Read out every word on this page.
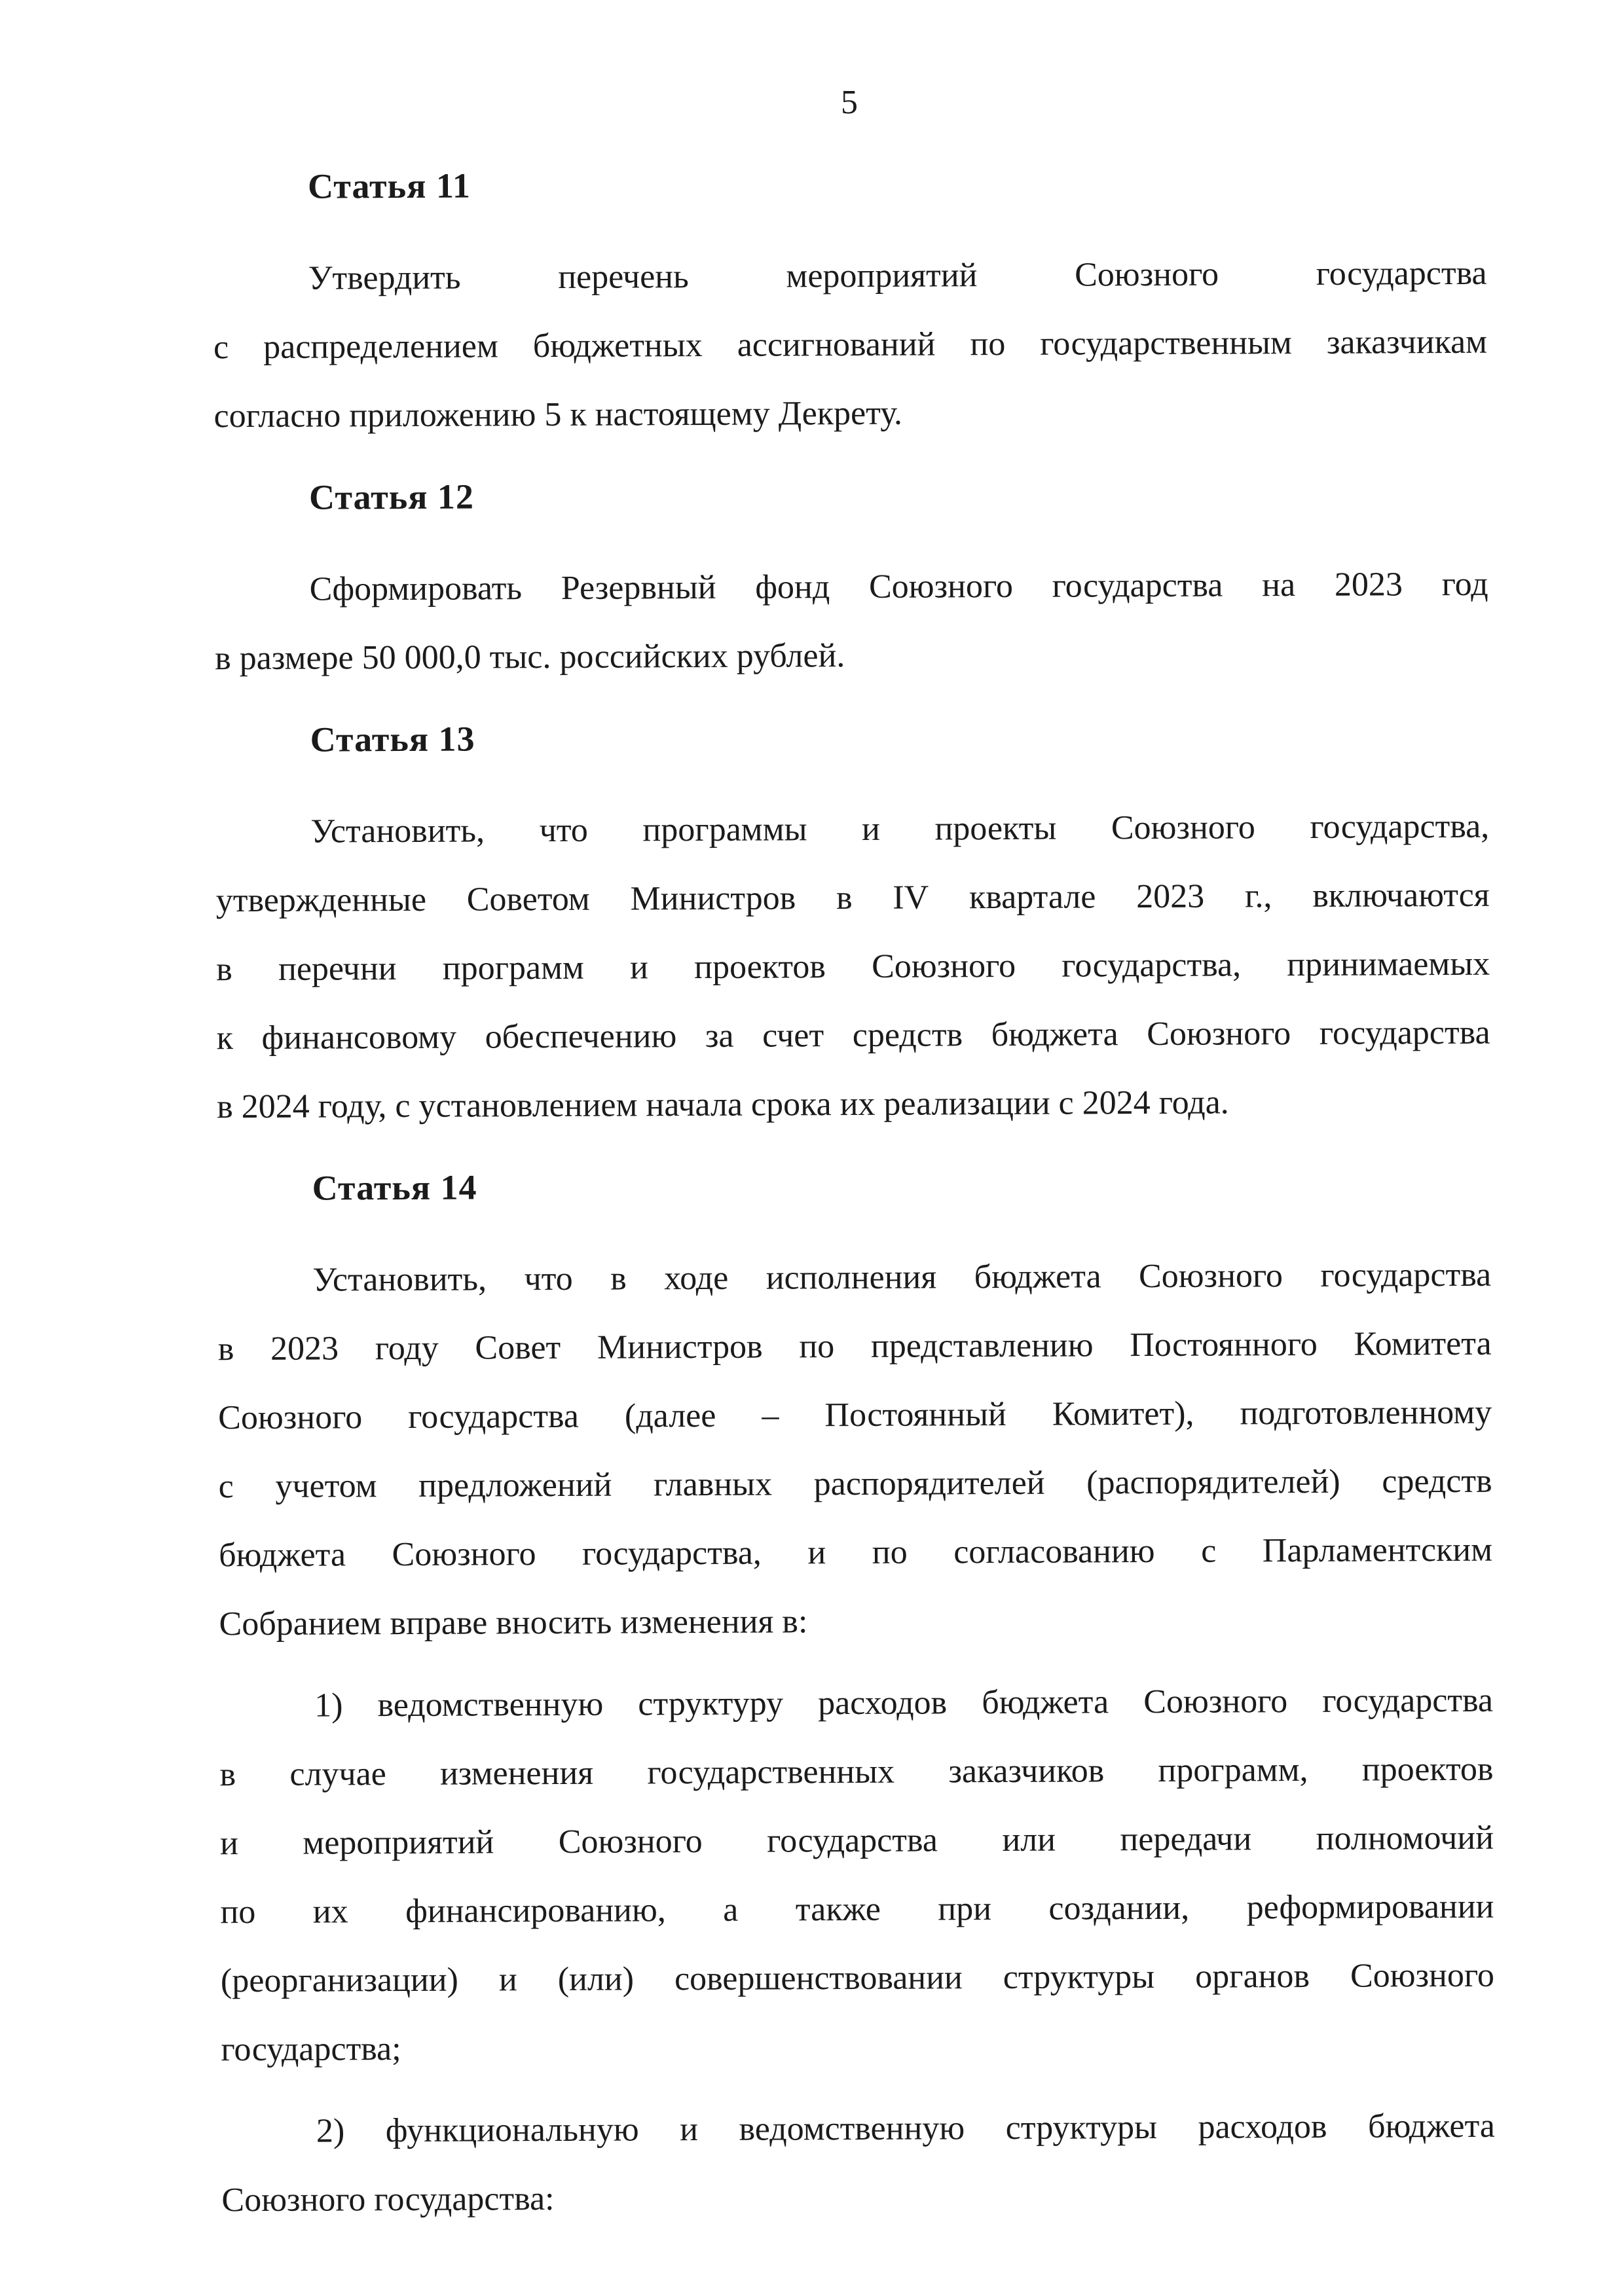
5
Статья 11
Утвердить	перечень	мероприятий	Союзного	государства
с распределением бюджетных ассигнований по государственным заказчикам
согласно приложению 5 к настоящему Декрету.
Статья 12
Сформировать Резервный фонд Союзного государства на 2023 год
в размере 50 000,0 тыс. российских рублей.
Статья 13
Установить, что программы и проекты Союзного государства,
утвержденные Советом Министров в IV квартале 2023 г., включаются
в перечни программ и проектов Союзного государства, принимаемых
к финансовому обеспечению за счет средств бюджета Союзного государства
в 2024 году, с установлением начала срока их реализации с 2024 года.
Статья 14
Установить, что в ходе исполнения бюджета Союзного государства
в 2023 году Совет Министров по представлению Постоянного Комитета
Союзного государства (далее – Постоянный Комитет), подготовленному
с учетом предложений главных распорядителей (распорядителей) средств
бюджета Союзного государства, и по согласованию с Парламентским
Собранием вправе вносить изменения в:
1) ведомственную структуру расходов бюджета Союзного государства
в случае изменения государственных заказчиков программ, проектов
и мероприятий Союзного государства или передачи полномочий
по их финансированию, а также при создании, реформировании
(реорганизации) и (или) совершенствовании структуры органов Союзного
государства;
2) функциональную и ведомственную структуры расходов бюджета
Союзного государства:
